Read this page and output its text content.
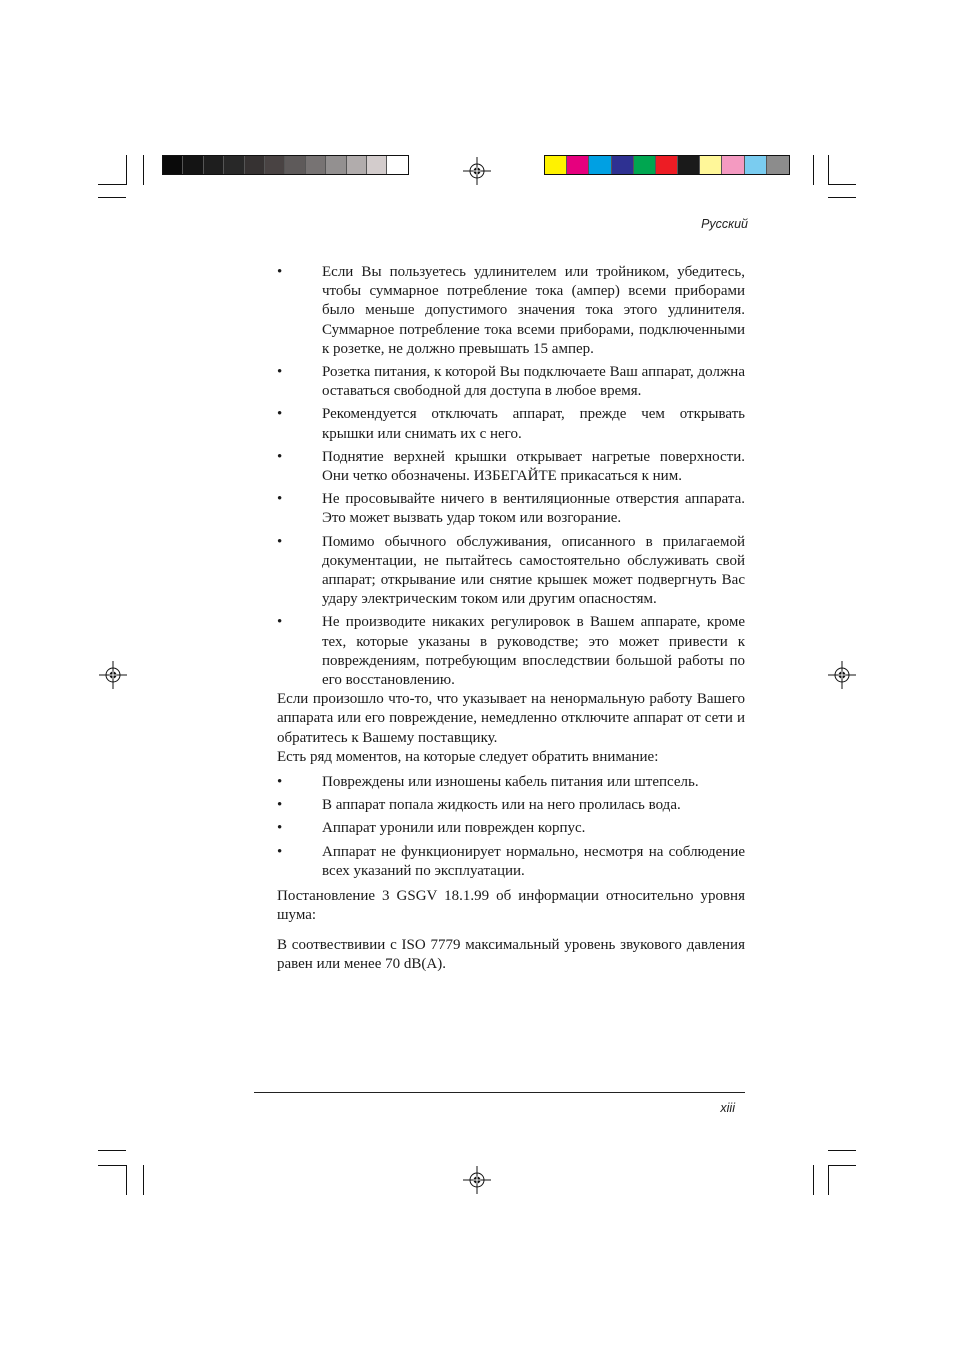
Русский
•	Если Вы пользуетесь удлинителем или тройником, убедитесь, чтобы суммарное потребление тока (ампер) всеми приборами было меньше допустимого значения тока этого удлинителя. Суммарное потребление тока всеми приборами, подключенными к розетке, не должно превышать 15 ампер.
•	Розетка питания, к которой Вы подключаете Ваш аппарат, должна оставаться свободной для доступа в любое время.
•	Рекомендуется отключать аппарат, прежде чем открывать крышки или снимать их с него.
•	Поднятие верхней крышки открывает нагретые поверхности. Они четко обозначены. ИЗБЕГАЙТЕ прикасаться к ним.
•	Не просовывайте ничего в вентиляционные отверстия аппарата. Это может вызвать удар током или возгорание.
•	Помимо обычного обслуживания, описанного в прилагаемой документации, не пытайтесь самостоятельно обслуживать свой аппарат; открывание или снятие крышек может подвергнуть Вас удару электрическим током или другим опасностям.
•	Не производите никаких регулировок в Вашем аппарате, кроме тех, которые указаны в руководстве; это может привести к повреждениям, потребующим впоследствии большой работы по его восстановлению.

Если произошло что-то, что указывает на ненормальную работу Вашего аппарата или его повреждение, немедленно отключите аппарат от сети и обратитесь к Вашему поставщику.

Есть ряд моментов, на которые следует обратить внимание:

•	Повреждены или изношены кабель питания или штепсель.
•	В аппарат попала жидкость или на него пролилась вода.
•	Аппарат уронили или поврежден корпус.
•	Аппарат не функционирует нормально, несмотря на соблюдение всех указаний по эксплуатации.

Постановление 3 GSGV 18.1.99 об информации относительно уровня шума:

В соотвествивии с ISO 7779 максимальный уровень звукового давления равен или менее 70 dB(A).

xiii
